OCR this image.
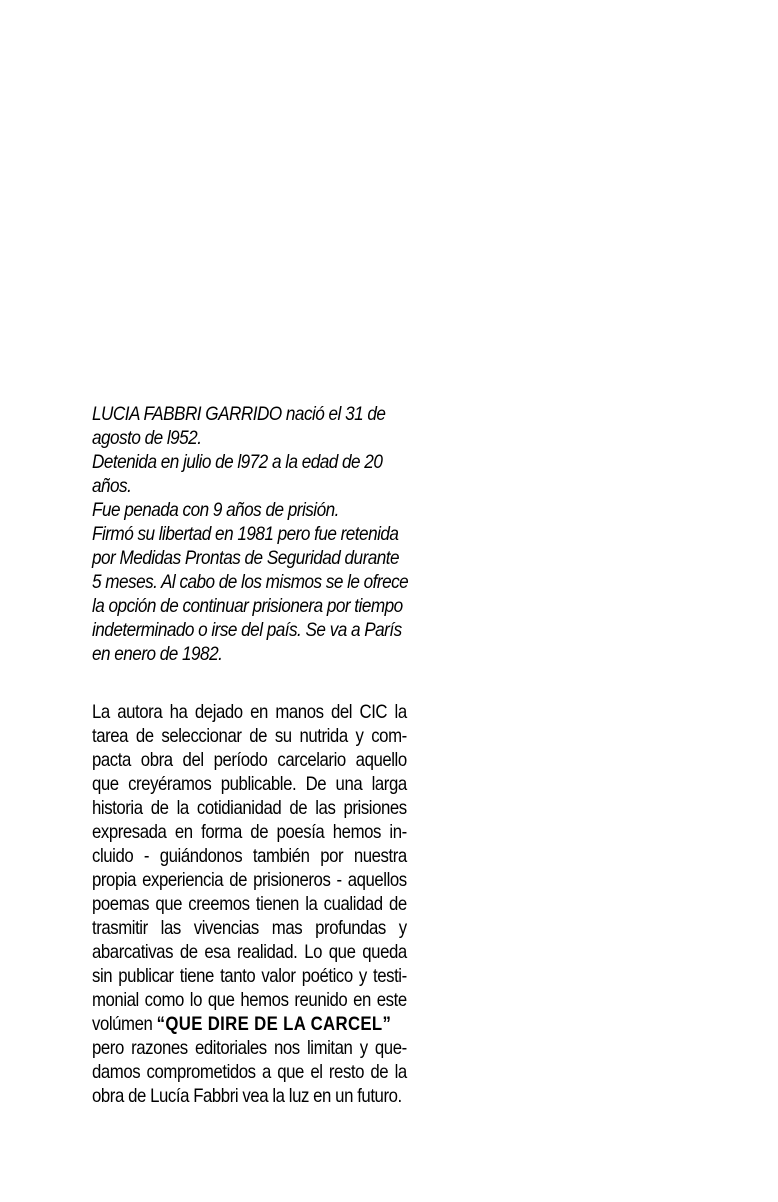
LUCIA FABBRI GARRIDO nació el 31 de
agosto de l952.
Detenida en julio de l972 a la edad de 20
años.
Fue penada con 9 años de prisión.
Firmó su libertad en 1981 pero fue retenida
por Medidas Prontas de Seguridad durante
5 meses. Al cabo de los mismos se le ofrece
la opción de continuar prisionera por tiempo
indeterminado o irse del país. Se va a París
en enero de 1982.
La autora ha dejado en manos del CIC la
tarea de seleccionar de su nutrida y com-
pacta obra del período carcelario aquello
que creyéramos publicable. De una larga
historia de la cotidianidad de las prisiones
expresada en forma de poesía hemos in-
cluido - guiándonos también por nuestra
propia experiencia de prisioneros - aquellos
poemas que creemos tienen la cualidad de
trasmitir las vivencias mas profundas y
abarcativas de esa realidad. Lo que queda
sin publicar tiene tanto valor poético y testi-
monial como lo que hemos reunido en este
volúmen “QUE DIRE DE LA CARCEL”
pero razones editoriales nos limitan y que-
damos comprometidos a que el resto de la
obra de Lucía Fabbri vea la luz en un futuro.
